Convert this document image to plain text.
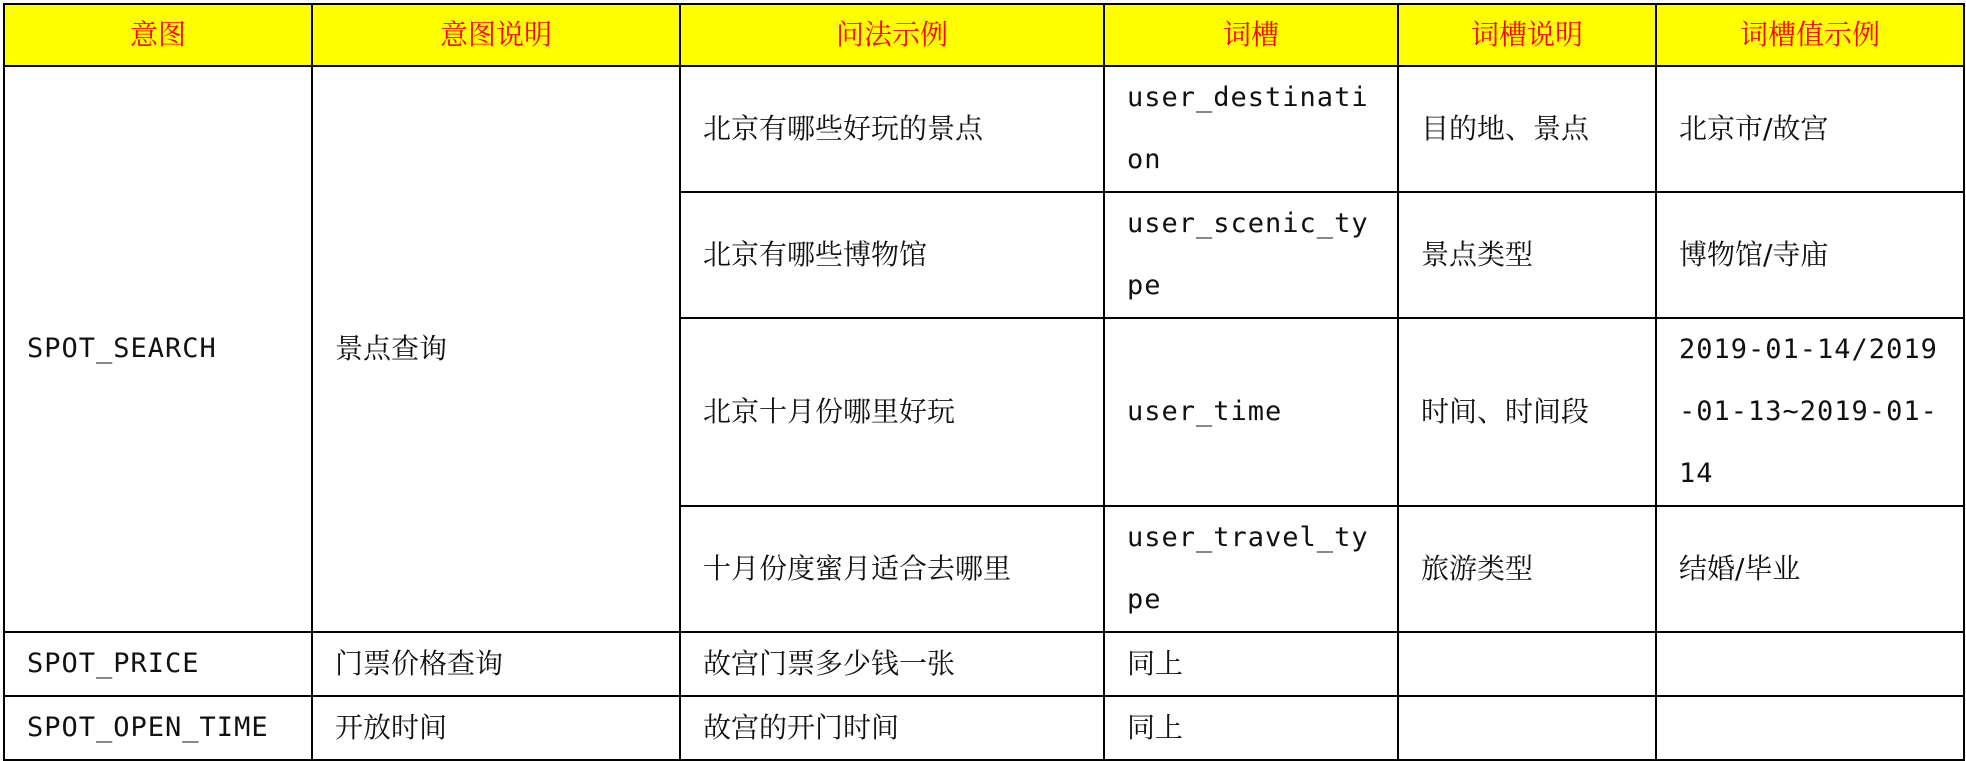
意图	意图说明	问法示例	词槽	词槽说明	词槽值示例
SPOT_SEARCH	景点查询	北京有哪些好玩的景点	user_destination	目的地、景点	北京市/故宫
		北京有哪些博物馆	user_scenic_type	景点类型	博物馆/寺庙
		北京十月份哪里好玩	user_time	时间、时间段	2019-01-14/2019-01-13~2019-01-14
		十月份度蜜月适合去哪里	user_travel_type	旅游类型	结婚/毕业
SPOT_PRICE	门票价格查询	故宫门票多少钱一张	同上		
SPOT_OPEN_TIME	开放时间	故宫的开门时间	同上		
